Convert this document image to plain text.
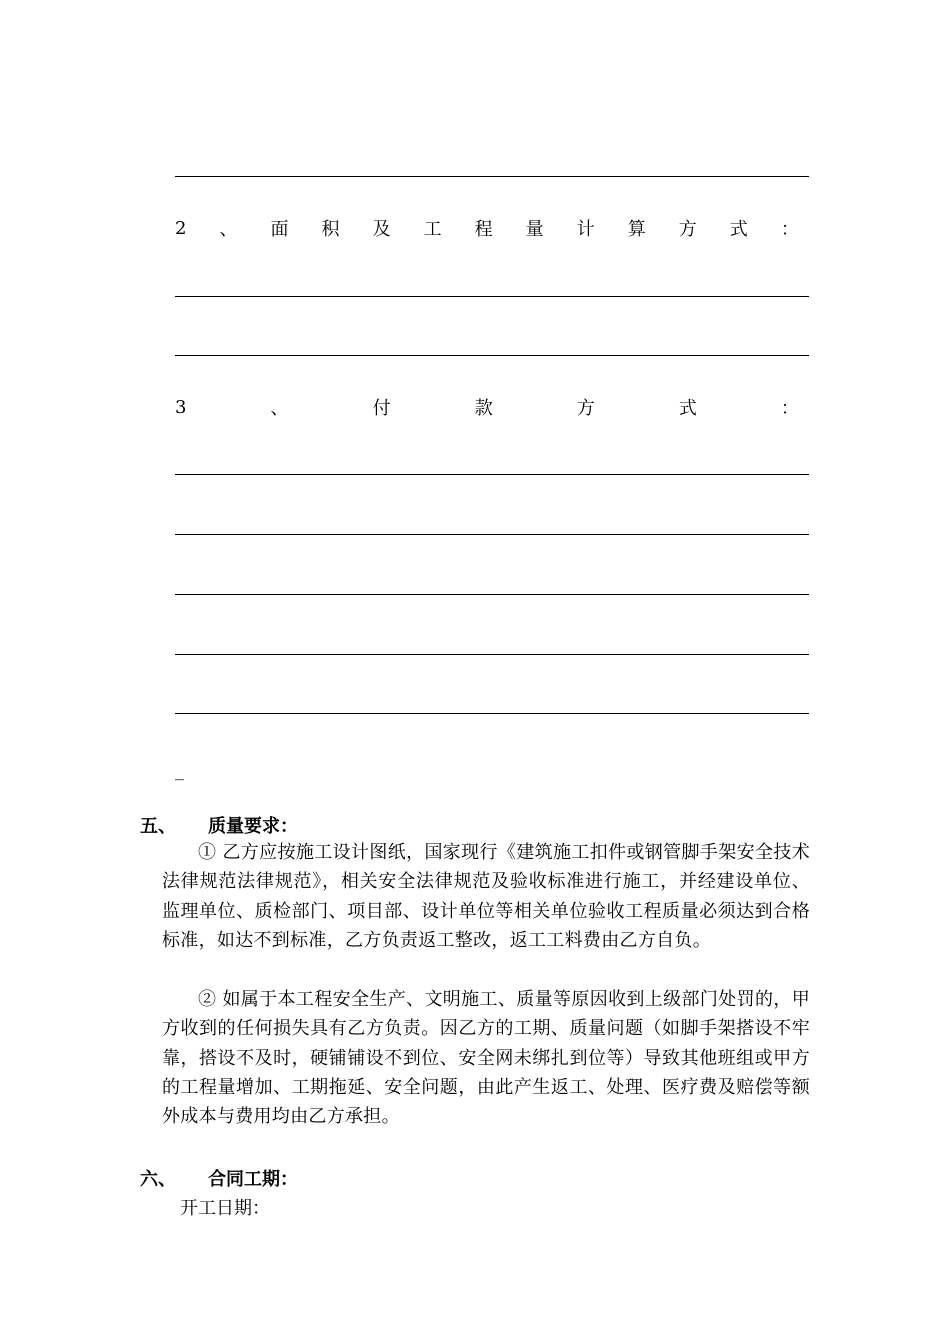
2 、 面 积 及 工 程 量 计 算 方 式 ：
3	、	付	款	方	式	：
_
五、 质量要求：
① 乙方应按施工设计图纸，国家现行《建筑施工扣件或钢管脚手架安全技术法律规范法律规范》，相关安全法律规范及验收标准进行施工，并经建设单位、监理单位、质检部门、项目部、设计单位等相关单位验收工程质量必须达到合格标准，如达不到标准，乙方负责返工整改，返工工料费由乙方自负。
② 如属于本工程安全生产、文明施工、质量等原因收到上级部门处罚的，甲方收到的任何损失具有乙方负责。因乙方的工期、质量问题（如脚手架搭设不牢靠，搭设不及时，硬铺铺设不到位、安全网未绑扎到位等）导致其他班组或甲方的工程量增加、工期拖延、安全问题，由此产生返工、处理、医疗费及赔偿等额外成本与费用均由乙方承担。
六、 合同工期：
开工日期：
